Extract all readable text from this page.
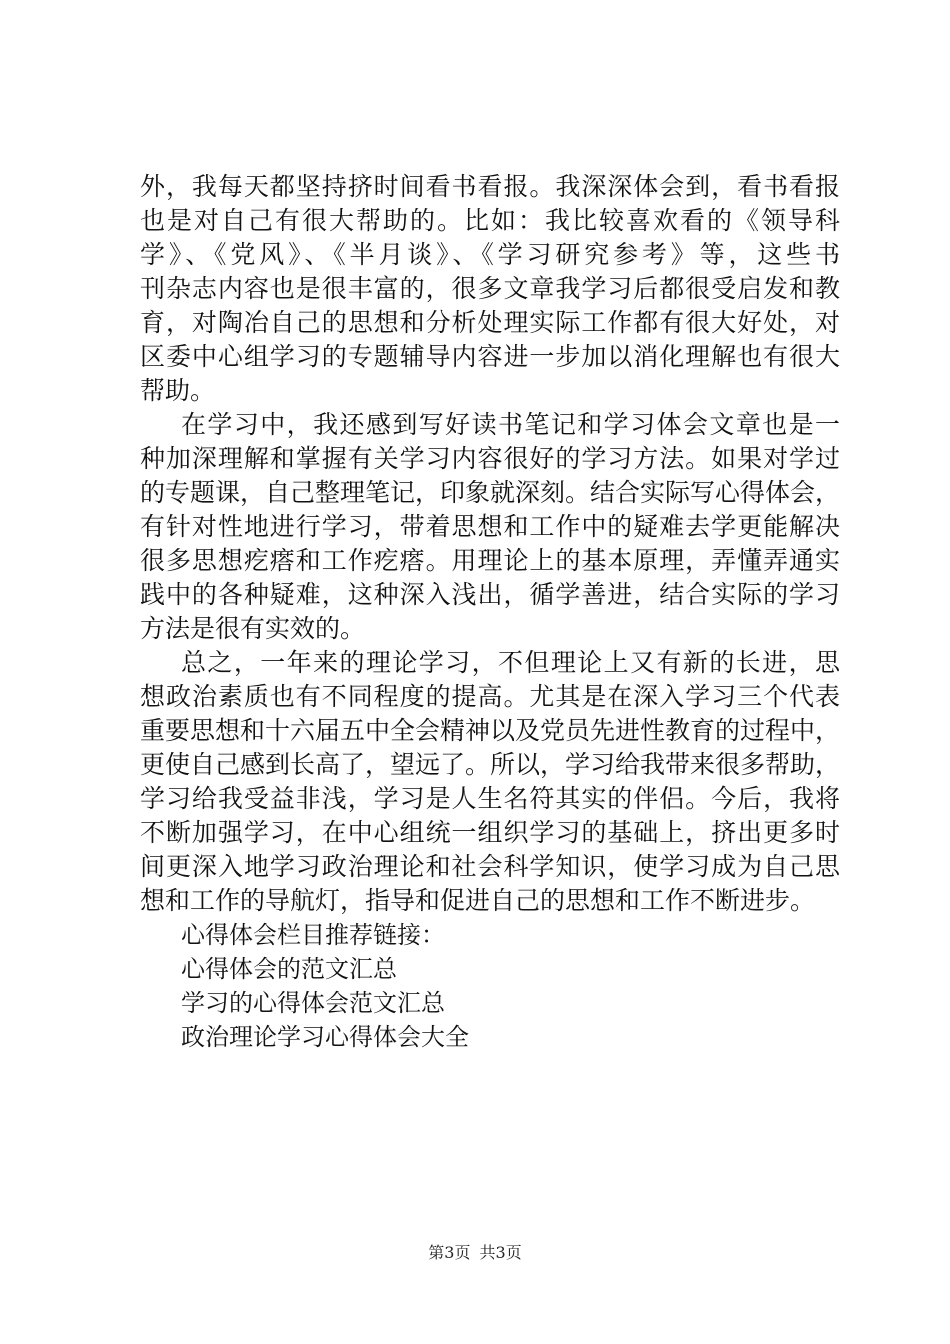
外，我每天都坚持挤时间看书看报。我深深体会到，看书看报
也是对自己有很大帮助的。比如：我比较喜欢看的《领导科
学》、《党风》、《半月谈》、《学习研究参考》等，这些书
刊杂志内容也是很丰富的，很多文章我学习后都很受启发和教
育，对陶冶自己的思想和分析处理实际工作都有很大好处，对
区委中心组学习的专题辅导内容进一步加以消化理解也有很大
帮助。
在学习中，我还感到写好读书笔记和学习体会文章也是一
种加深理解和掌握有关学习内容很好的学习方法。如果对学过
的专题课，自己整理笔记，印象就深刻。结合实际写心得体会，
有针对性地进行学习，带着思想和工作中的疑难去学更能解决
很多思想疙瘩和工作疙瘩。用理论上的基本原理，弄懂弄通实
践中的各种疑难，这种深入浅出，循学善进，结合实际的学习
方法是很有实效的。
总之，一年来的理论学习，不但理论上又有新的长进，思
想政治素质也有不同程度的提高。尤其是在深入学习三个代表
重要思想和十六届五中全会精神以及党员先进性教育的过程中，
更使自己感到长高了，望远了。所以，学习给我带来很多帮助，
学习给我受益非浅，学习是人生名符其实的伴侣。今后，我将
不断加强学习，在中心组统一组织学习的基础上，挤出更多时
间更深入地学习政治理论和社会科学知识，使学习成为自己思
想和工作的导航灯，指导和促进自己的思想和工作不断进步。
心得体会栏目推荐链接：
心得体会的范文汇总
学习的心得体会范文汇总
政治理论学习心得体会大全
第3页 共3页
